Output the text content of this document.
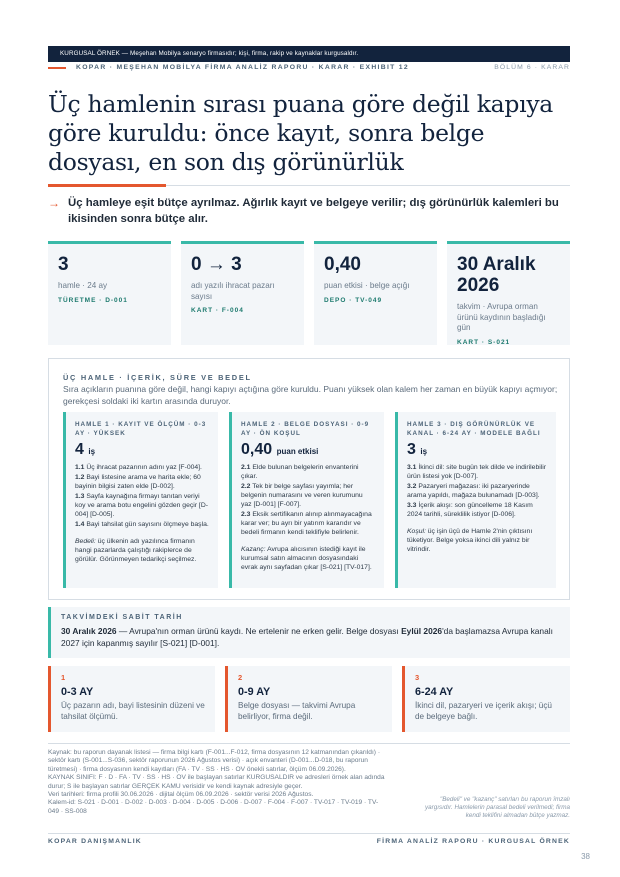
KURGUSAL ÖRNEK — Meşehan Mobilya senaryo firmasıdır; kişi, firma, rakip ve kaynaklar kurgusaldır.
KOPAR · MEŞEHAN MOBİLYA FİRMA ANALİZ RAPORU · KARAR · EXHIBIT 12	BÖLÜM 6 · KARAR
Üç hamlenin sırası puana göre değil kapıya göre kuruldu: önce kayıt, sonra belge dosyası, en son dış görünürlük
→ Üç hamleye eşit bütçe ayrılmaz. Ağırlık kayıt ve belgeye verilir; dış görünürlük kalemleri bu ikisinden sonra bütçe alır.
3
hamle · 24 ay
TÜRETME · D-001
0 → 3
adı yazılı ihracat pazarı sayısı
KART · F-004
0,40
puan etkisi · belge açığı
DEPO · TV-049
30 Aralık 2026
takvim · Avrupa orman ürünü kaydının başladığı gün
KART · S-021
ÜÇ HAMLE · İÇERİK, SÜRE VE BEDEL
Sıra açıkların puanına göre değil, hangi kapıyı açtığına göre kuruldu. Puanı yüksek olan kalem her zaman en büyük kapıyı açmıyor; gerekçesi soldaki iki kartın arasında duruyor.
HAMLE 1 · KAYIT VE ÖLÇÜM · 0-3 AY · YÜKSEK
4 iş
1.1 Üç ihracat pazarının adını yaz [F-004].
1.2 Bayi listesine arama ve harita ekle; 60 bayinin bilgisi zaten elde [D-002].
1.3 Sayfa kaynağına firmayı tanıtan veriyi koy ve arama botu engelini gözden geçir [D-004] [D-005].
1.4 Bayi tahsilat gün sayısını ölçmeye başla.
Bedeli: üç ülkenin adı yazılınca firmanın hangi pazarlarda çalıştığı rakiplerce de görülür. Görünmeyen tedarikçi seçilmez.
HAMLE 2 · BELGE DOSYASI · 0-9 AY · ÖN KOŞUL
0,40 puan etkisi
2.1 Elde bulunan belgelerin envanterini çıkar.
2.2 Tek bir belge sayfası yayımla; her belgenin numarasını ve veren kurumunu yaz [D-001] [F-007].
2.3 Eksik sertifikanın alınıp alınmayacağına karar ver; bu ayrı bir yatırım kararıdır ve bedeli firmanın kendi teklifiyle belirlenir.
Kazanç: Avrupa alıcısının istediği kayıt ile kurumsal satın almacının dosyasındaki evrak aynı sayfadan çıkar [S-021] [TV-017].
HAMLE 3 · DIŞ GÖRÜNÜRLÜK VE KANAL · 6-24 AY · MODELE BAĞLI
3 iş
3.1 İkinci dil: site bugün tek dilde ve indirilebilir ürün listesi yok [D-007].
3.2 Pazaryeri mağazası: iki pazaryerinde arama yapıldı, mağaza bulunamadı [D-003].
3.3 İçerik akışı: son güncelleme 18 Kasım 2024 tarihli, süreklilik istiyor [D-006].
Koşul: üç işin üçü de Hamle 2'nin çıktısını tüketiyor. Belge yoksa ikinci dili yalnız bir vitrindir.
TAKVİMDEKİ SABİT TARİH
30 Aralık 2026 — Avrupa'nın orman ürünü kaydı. Ne ertelenir ne erken gelir. Belge dosyası Eylül 2026'da başlamazsa Avrupa kanalı 2027 için kapanmış sayılır [S-021] [D-001].
1
0-3 AY
Üç pazarın adı, bayi listesinin düzeni ve tahsilat ölçümü.
2
0-9 AY
Belge dosyası — takvimi Avrupa belirliyor, firma değil.
3
6-24 AY
İkinci dil, pazaryeri ve içerik akışı; üçü de belgeye bağlı.
Kaynak: bu raporun dayanak listesi — firma bilgi kartı (F-001...F-012, firma dosyasının 12 katmanından çıkarıldı) · sektör kartı (S-001...S-036, sektör raporunun 2026 Ağustos verisi) · açık envanteri (D-001...D-018, bu raporun türetmesi) · firma dosyasının kendi kayıtları (FA · TV · SS · HS · OV önekli satırlar, ölçüm 06.09.2026).
KAYNAK SINIFI: F · D · FA · TV · SS · HS · OV ile başlayan satırlar KURGUSALDIR ve adresleri örnek alan adında durur; S ile başlayan satırlar GERÇEK KAMU verisidir ve kendi kaynak adresiyle geçer.
Veri tarihleri: firma profili 30.06.2026 · dijital ölçüm 06.09.2026 · sektör verisi 2026 Ağustos.
Kalem-id: S-021 · D-001 · D-002 · D-003 · D-004 · D-005 · D-006 · D-007 · F-004 · F-007 · TV-017 · TV-019 · TV-049 · SS-008
"Bedeli" ve "kazanç" satırları bu raporun îmzalı yargısıdır. Hamlelerin parasal bedeli verilmedi; firma kendi teklifini almadan bütçe yazmaz.
KOPAR DANIŞMANLIK	FİRMA ANALİZ RAPORU · KURGUSAL ÖRNEK
38
